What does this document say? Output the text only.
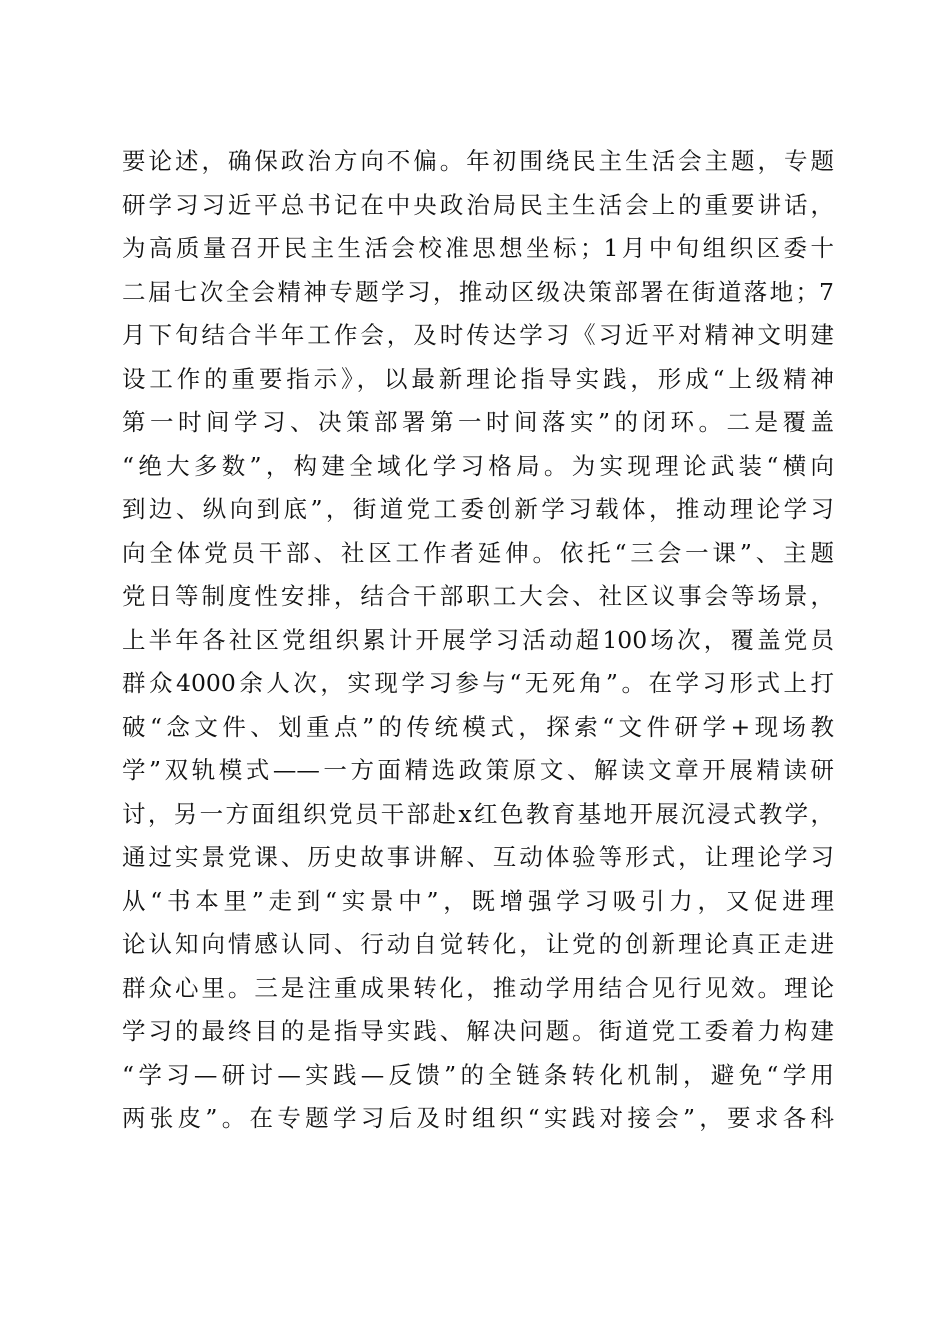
要论述，确保政治方向不偏。年初围绕民主生活会主题，专题
研学习习近平总书记在中央政治局民主生活会上的重要讲话，
为高质量召开民主生活会校准思想坐标；1月中旬组织区委十
二届七次全会精神专题学习，推动区级决策部署在街道落地；7
月下旬结合半年工作会，及时传达学习《习近平对精神文明建
设工作的重要指示》，以最新理论指导实践，形成“上级精神
第一时间学习、决策部署第一时间落实”的闭环。二是覆盖
“绝大多数”，构建全域化学习格局。为实现理论武装“横向
到边、纵向到底”，街道党工委创新学习载体，推动理论学习
向全体党员干部、社区工作者延伸。依托“三会一课”、主题
党日等制度性安排，结合干部职工大会、社区议事会等场景，
上半年各社区党组织累计开展学习活动超100场次，覆盖党员
群众4000余人次，实现学习参与“无死角”。在学习形式上打
破“念文件、划重点”的传统模式，探索“文件研学+现场教
学”双轨模式——一方面精选政策原文、解读文章开展精读研
讨，另一方面组织党员干部赴x红色教育基地开展沉浸式教学，
通过实景党课、历史故事讲解、互动体验等形式，让理论学习
从“书本里”走到“实景中”，既增强学习吸引力，又促进理
论认知向情感认同、行动自觉转化，让党的创新理论真正走进
群众心里。三是注重成果转化，推动学用结合见行见效。理论
学习的最终目的是指导实践、解决问题。街道党工委着力构建
“学习—研讨—实践—反馈”的全链条转化机制，避免“学用
两张皮”。在专题学习后及时组织“实践对接会”，要求各科
